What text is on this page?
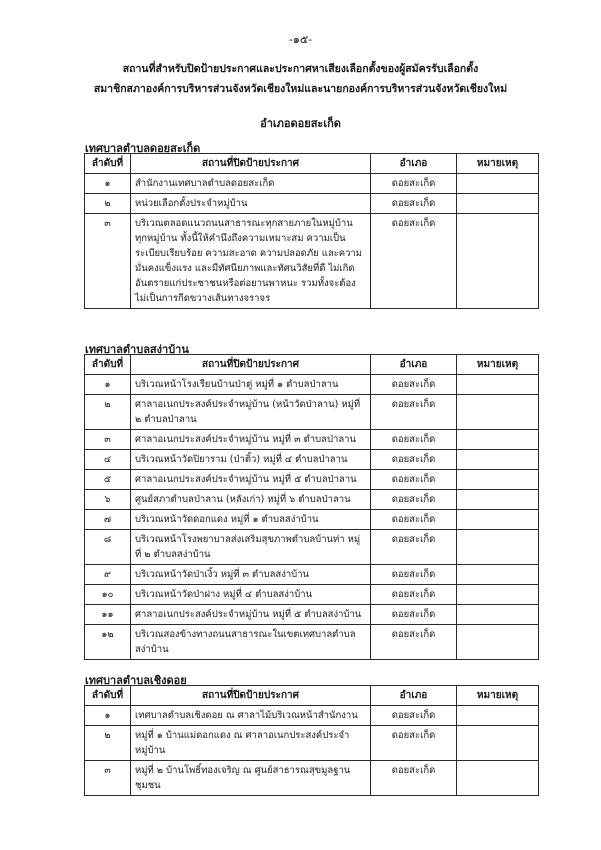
-๑๕-
สถานที่สำหรับปิดป้ายประกาศและประกาศหาเสียงเลือกตั้งของผู้สมัครรับเลือกตั้ง
สมาชิกสภาองค์การบริหารส่วนจังหวัดเชียงใหม่และนายกองค์การบริหารส่วนจังหวัดเชียงใหม่
อำเภอดอยสะเก็ด
เทศบาลตำบลดอยสะเก็ด
ลำดับที่	สถานที่ปิดป้ายประกาศ	อำเภอ	หมายเหตุ
๑	สำนักงานเทศบาลตำบลดอยสะเก็ด	ดอยสะเก็ด	
๒	หน่วยเลือกตั้งประจำหมู่บ้าน	ดอยสะเก็ด	
๓	บริเวณตลอดแนวถนนสาธารณะทุกสายภายในหมู่บ้าน ทุกหมู่บ้าน ทั้งนี้ให้คำนึงถึงความเหมาะสม ความเป็นระเบียบเรียบร้อย ความสะอาด ความปลอดภัย และความมั่นคงแข็งแรง และมีทัศนียภาพและทัศนวิสัยที่ดี ไม่เกิดอันตรายแก่ประชาชนหรือต่อยานพาหนะ รวมทั้งจะต้องไม่เป็นการกีดขวางเส้นทางจราจร	ดอยสะเก็ด	
เทศบาลตำบลสง่าบ้าน
ลำดับที่	สถานที่ปิดป้ายประกาศ	อำเภอ	หมายเหตุ
๑	บริเวณหน้าโรงเรียนบ้านป่าตู่ หมู่ที่ ๑ ตำบลป่าลาน	ดอยสะเก็ด	
๒	ศาลาอเนกประสงค์ประจำหมู่บ้าน (หน้าวัดป่าลาน) หมู่ที่ ๒ ตำบลป่าลาน	ดอยสะเก็ด	
๓	ศาลาอเนกประสงค์ประจำหมู่บ้าน หมู่ที่ ๓ ตำบลป่าลาน	ดอยสะเก็ด	
๔	บริเวณหน้าวัดปิยาราม (ป่าติ้ว) หมู่ที่ ๔ ตำบลป่าลาน	ดอยสะเก็ด	
๕	ศาลาอเนกประสงค์ประจำหมู่บ้าน หมู่ที่ ๕ ตำบลป่าลาน	ดอยสะเก็ด	
๖	ศูนย์สภาตำบลป่าลาน (หลังเก่า) หมู่ที่ ๖ ตำบลป่าลาน	ดอยสะเก็ด	
๗	บริเวณหน้าวัดดอกแดง หมู่ที่ ๑ ตำบลสง่าบ้าน	ดอยสะเก็ด	
๘	บริเวณหน้าโรงพยาบาลส่งเสริมสุขภาพตำบลบ้านท่า หมู่ที่ ๒ ตำบลสง่าบ้าน	ดอยสะเก็ด	
๙	บริเวณหน้าวัดป่าเงิ้ว หมู่ที่ ๓ ตำบลสง่าบ้าน	ดอยสะเก็ด	
๑๐	บริเวณหน้าวัดป่าฝาง หมู่ที่ ๔ ตำบลสง่าบ้าน	ดอยสะเก็ด	
๑๑	ศาลาอเนกประสงค์ประจำหมู่บ้าน หมู่ที่ ๕ ตำบลสง่าบ้าน	ดอยสะเก็ด	
๑๒	บริเวณสองข้างทางถนนสาธารณะในเขตเทศบาลตำบลสง่าบ้าน	ดอยสะเก็ด	
เทศบาลตำบลเชิงดอย
ลำดับที่	สถานที่ปิดป้ายประกาศ	อำเภอ	หมายเหตุ
๑	เทศบาลตำบลเชิงดอย ณ ศาลาไม้บริเวณหน้าสำนักงาน	ดอยสะเก็ด	
๒	หมู่ที่ ๑ บ้านแม่ดอกแดง ณ ศาลาอเนกประสงค์ประจำหมู่บ้าน	ดอยสะเก็ด	
๓	หมู่ที่ ๒ บ้านโพธิ์ทองเจริญ ณ ศูนย์สาธารณสุขมูลฐานชุมชน	ดอยสะเก็ด	
